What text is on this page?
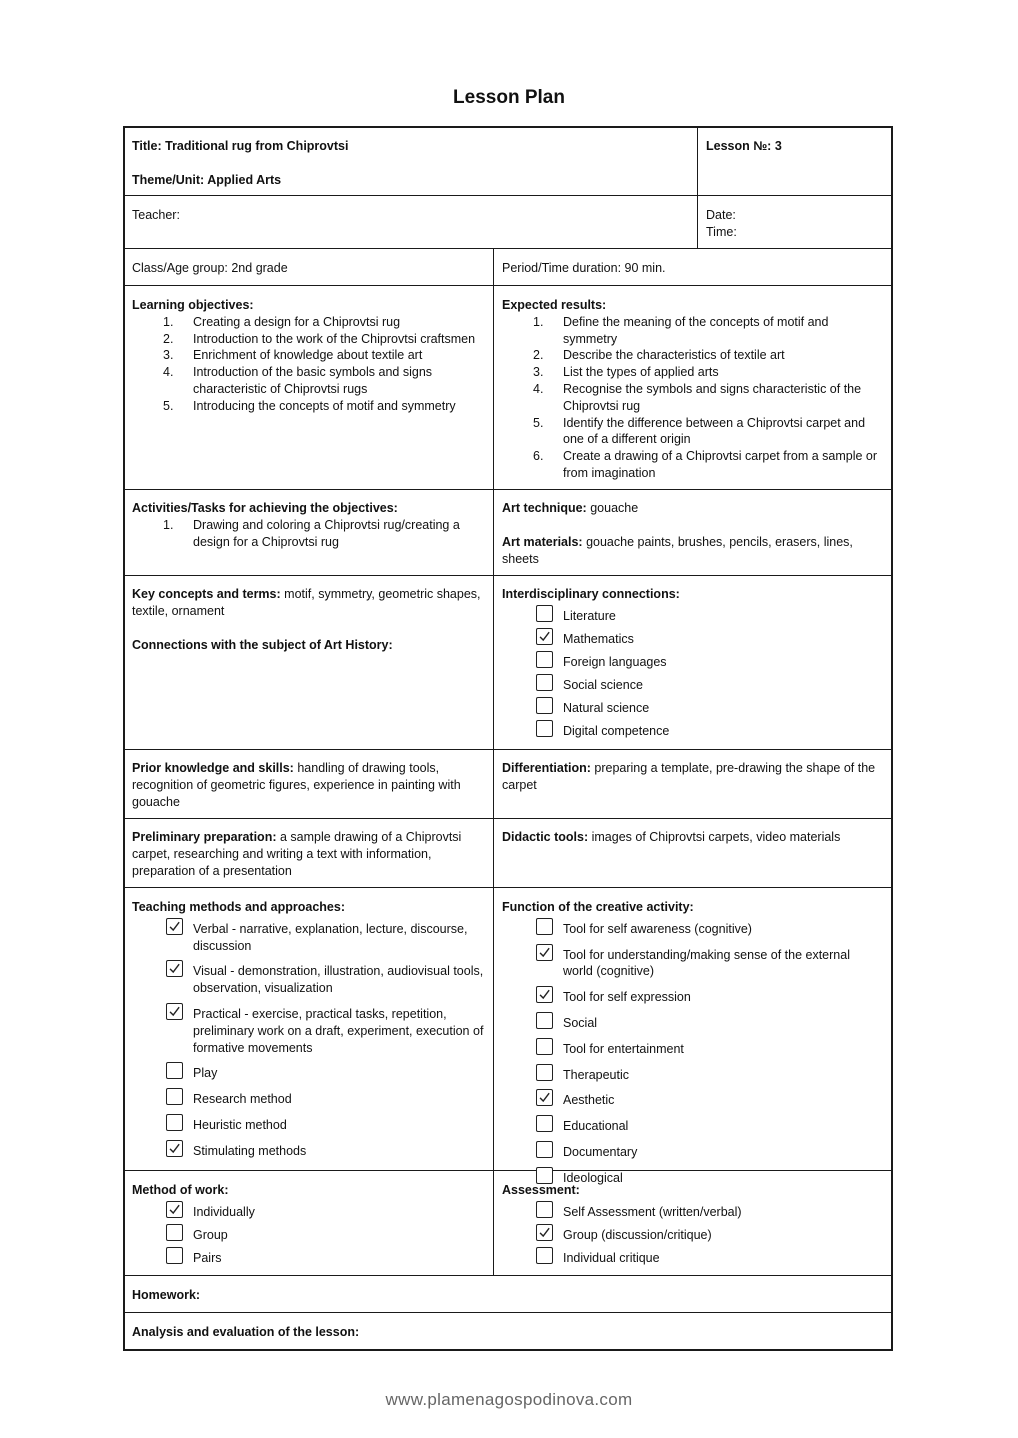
Lesson Plan
Title: Traditional rug from Chiprovtsi
Theme/Unit: Applied Arts
Lesson №: 3
Teacher:	Date:
Time:
Class/Age group: 2nd grade	Period/Time duration: 90 min.
Learning objectives:
1. Creating a design for a Chiprovtsi rug
2. Introduction to the work of the Chiprovtsi craftsmen
3. Enrichment of knowledge about textile art
4. Introduction of the basic symbols and signs characteristic of Chiprovtsi rugs
5. Introducing the concepts of motif and symmetry
Expected results:
1. Define the meaning of the concepts of motif and symmetry
2. Describe the characteristics of textile art
3. List the types of applied arts
4. Recognise the symbols and signs characteristic of the Chiprovtsi rug
5. Identify the difference between a Chiprovtsi carpet and one of a different origin
6. Create a drawing of a Chiprovtsi carpet from a sample or from imagination
Activities/Tasks for achieving the objectives:
1. Drawing and coloring a Chiprovtsi rug/creating a design for a Chiprovtsi rug
Art technique: gouache
Art materials: gouache paints, brushes, pencils, erasers, lines, sheets
Key concepts and terms: motif, symmetry, geometric shapes, textile, ornament
Connections with the subject of Art History:
Interdisciplinary connections:
Literature
Mathematics
Foreign languages
Social science
Natural science
Digital competence
Prior knowledge and skills: handling of drawing tools, recognition of geometric figures, experience in painting with gouache
Differentiation: preparing a template, pre-drawing the shape of the carpet
Preliminary preparation: a sample drawing of a Chiprovtsi carpet, researching and writing a text with information, preparation of a presentation
Didactic tools: images of Chiprovtsi carpets, video materials
Teaching methods and approaches:
Verbal - narrative, explanation, lecture, discourse, discussion
Visual - demonstration, illustration, audiovisual tools, observation, visualization
Practical - exercise, practical tasks, repetition, preliminary work on a draft, experiment, execution of formative movements
Play
Research method
Heuristic method
Stimulating methods
Function of the creative activity:
Tool for self awareness (cognitive)
Tool for understanding/making sense of the external world (cognitive)
Tool for self expression
Social
Tool for entertainment
Therapeutic
Aesthetic
Educational
Documentary
Ideological
Method of work:
Individually
Group
Pairs
Assessment:
Self Assessment (written/verbal)
Group (discussion/critique)
Individual critique
Homework:
Analysis and evaluation of the lesson:
www.plamenagospodinova.com
